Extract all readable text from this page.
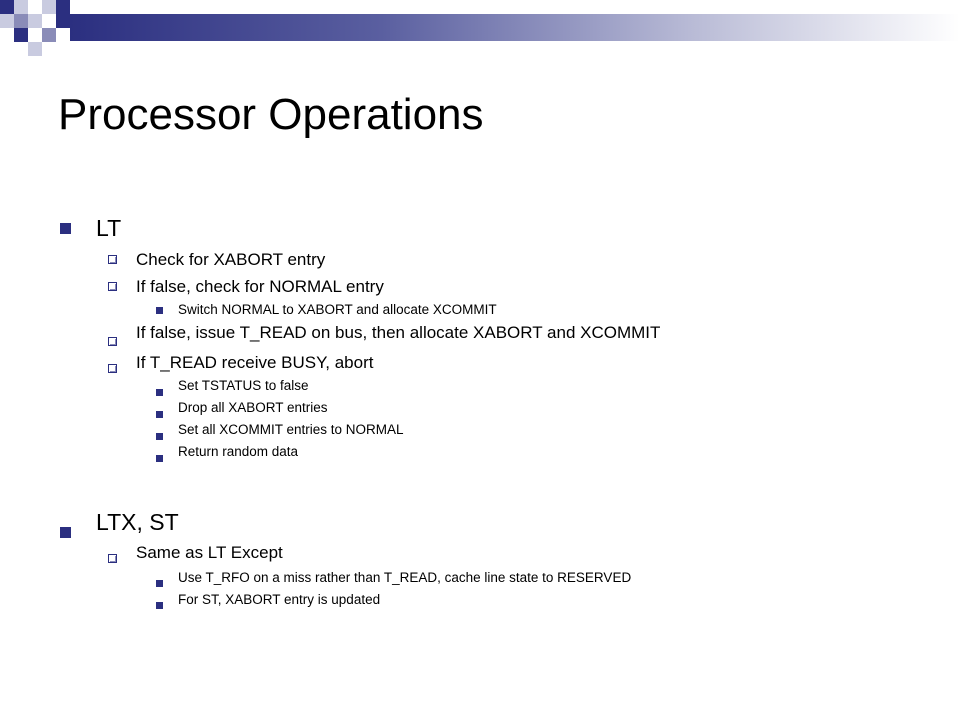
Processor Operations
LT
Check for XABORT entry
If false, check for NORMAL entry
Switch NORMAL to XABORT and allocate XCOMMIT
If false, issue T_READ on bus, then allocate XABORT and XCOMMIT
If T_READ receive BUSY, abort
Set TSTATUS to false
Drop all XABORT entries
Set all XCOMMIT entries to NORMAL
Return random data
LTX, ST
Same as LT Except
Use T_RFO on a miss rather than T_READ, cache line state to RESERVED
For ST, XABORT entry is updated
